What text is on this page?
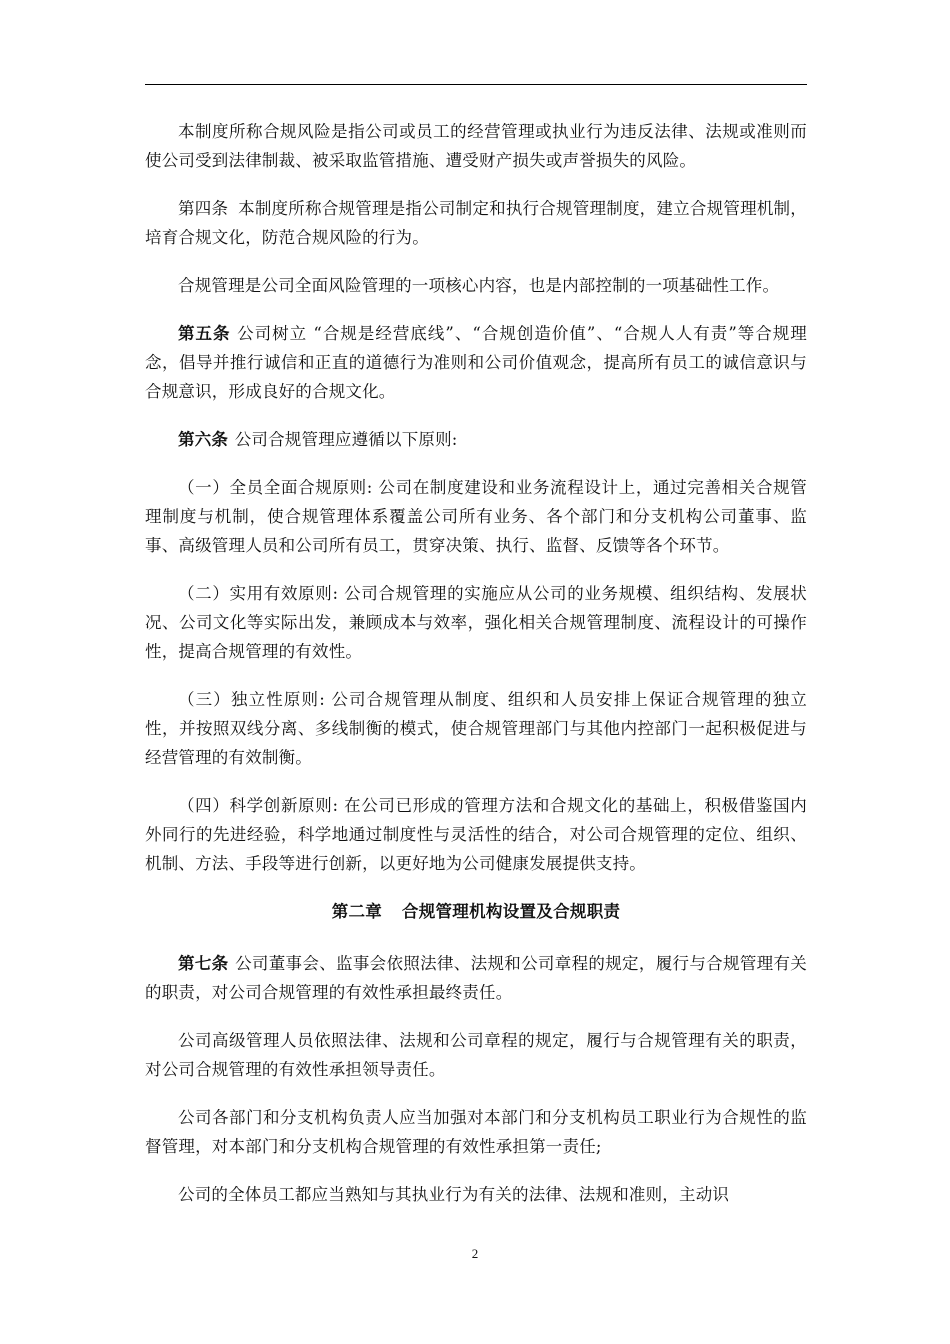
本制度所称合规风险是指公司或员工的经营管理或执业行为违反法律、法规或准则而使公司受到法律制裁、被采取监管措施、遭受财产损失或声誉损失的风险。

第四条 本制度所称合规管理是指公司制定和执行合规管理制度，建立合规管理机制，培育合规文化，防范合规风险的行为。

合规管理是公司全面风险管理的一项核心内容，也是内部控制的一项基础性工作。

第五条 公司树立 “合规是经营底线”、“合规创造价值”、“合规人人有责”等合规理念，倡导并推行诚信和正直的道德行为准则和公司价值观念，提高所有员工的诚信意识与合规意识，形成良好的合规文化。

第六条 公司合规管理应遵循以下原则:

（一）全员全面合规原则: 公司在制度建设和业务流程设计上，通过完善相关合规管理制度与机制，使合规管理体系覆盖公司所有业务、各个部门和分支机构公司董事、监事、高级管理人员和公司所有员工，贯穿决策、执行、监督、反馈等各个环节。

（二）实用有效原则: 公司合规管理的实施应从公司的业务规模、组织结构、发展状况、公司文化等实际出发，兼顾成本与效率，强化相关合规管理制度、流程设计的可操作性，提高合规管理的有效性。

（三）独立性原则: 公司合规管理从制度、组织和人员安排上保证合规管理的独立性，并按照双线分离、多线制衡的模式，使合规管理部门与其他内控部门一起积极促进与经营管理的有效制衡。

（四）科学创新原则: 在公司已形成的管理方法和合规文化的基础上，积极借鉴国内外同行的先进经验，科学地通过制度性与灵活性的结合，对公司合规管理的定位、组织、机制、方法、手段等进行创新，以更好地为公司健康发展提供支持。

第二章 合规管理机构设置及合规职责

第七条 公司董事会、监事会依照法律、法规和公司章程的规定，履行与合规管理有关的职责，对公司合规管理的有效性承担最终责任。

公司高级管理人员依照法律、法规和公司章程的规定，履行与合规管理有关的职责，对公司合规管理的有效性承担领导责任。

公司各部门和分支机构负责人应当加强对本部门和分支机构员工职业行为合规性的监督管理，对本部门和分支机构合规管理的有效性承担第一责任;

公司的全体员工都应当熟知与其执业行为有关的法律、法规和准则，主动识

2
